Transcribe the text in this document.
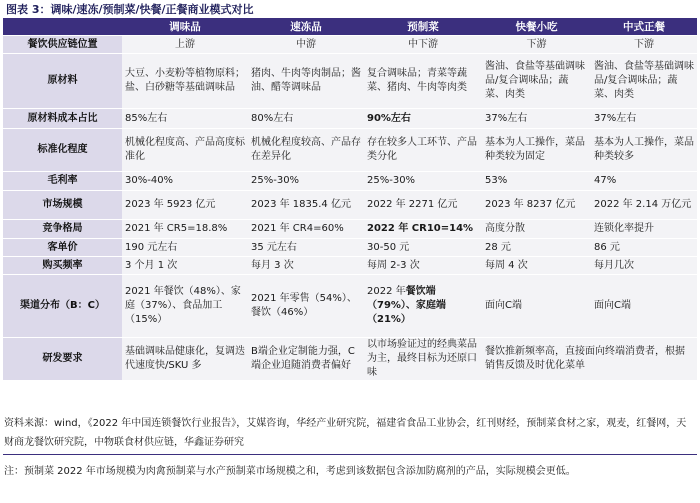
图表 3：调味/速冻/预制菜/快餐/正餐商业模式对比
	调味品	速冻品	预制菜	快餐小吃	中式正餐
餐饮供应链位置	上游	中游	中下游	下游	下游
原材料	大豆、小麦粉等植物原料；盐、白砂糖等基础调味品	猪肉、牛肉等肉制品；酱油、醋等调味品	复合调味品；青菜等蔬菜、猪肉、牛肉等肉类	酱油、食盐等基础调味品/复合调味品；蔬菜、肉类	酱油、食盐等基础调味品/复合调味品；蔬菜、肉类
原材料成本占比	85%左右	80%左右	90%左右	37%左右	37%左右
标准化程度	机械化程度高、产品高度标准化	机械化程度较高、产品存在差异化	存在较多人工环节、产品类分化	基本为人工操作，菜品种类较为固定	基本为人工操作，菜品种类较多
毛利率	30%-40%	25%-30%	25%-30%	53%	47%
市场规模	2023 年 5923 亿元	2023 年 1835.4 亿元	2022 年 2271 亿元	2023 年 8237 亿元	2022 年 2.14 万亿元
竞争格局	2021 年 CR5=18.8%	2021 年 CR4=60%	2022 年 CR10=14%	高度分散	连锁化率提升
客单价	190 元左右	35 元左右	30-50 元	28 元	86 元
购买频率	3 个月 1 次	每月 3 次	每周 2-3 次	每周 4 次	每月几次
渠道分布（B：C）	2021 年餐饮（48%）、家庭（37%）、食品加工（15%）	2021 年零售（54%）、餐饮（46%）	2022 年餐饮端（79%）、家庭端（21%）	面向C端	面向C端
研发要求	基础调味品健康化，复调迭代速度快/SKU 多	B端企业定制能力强，C端企业追随消费者偏好	以市场验证过的经典菜品为主，最终目标为还原口味	餐饮推新频率高，直接面向终端消费者，根据销售反馈及时优化菜单	
资料来源：wind，《2022 年中国连锁餐饮行业报告》，艾媒咨询，华经产业研究院，福建省食品工业协会，红刊财经，预制菜食材之家，观麦，红餐网，天财商龙餐饮研究院，中物联食材供应链，华鑫证券研究
注：预制菜 2022 年市场规模为肉禽预制菜与水产预制菜市场规模之和，考虑到该数据包含添加防腐剂的产品，实际规模会更低。
